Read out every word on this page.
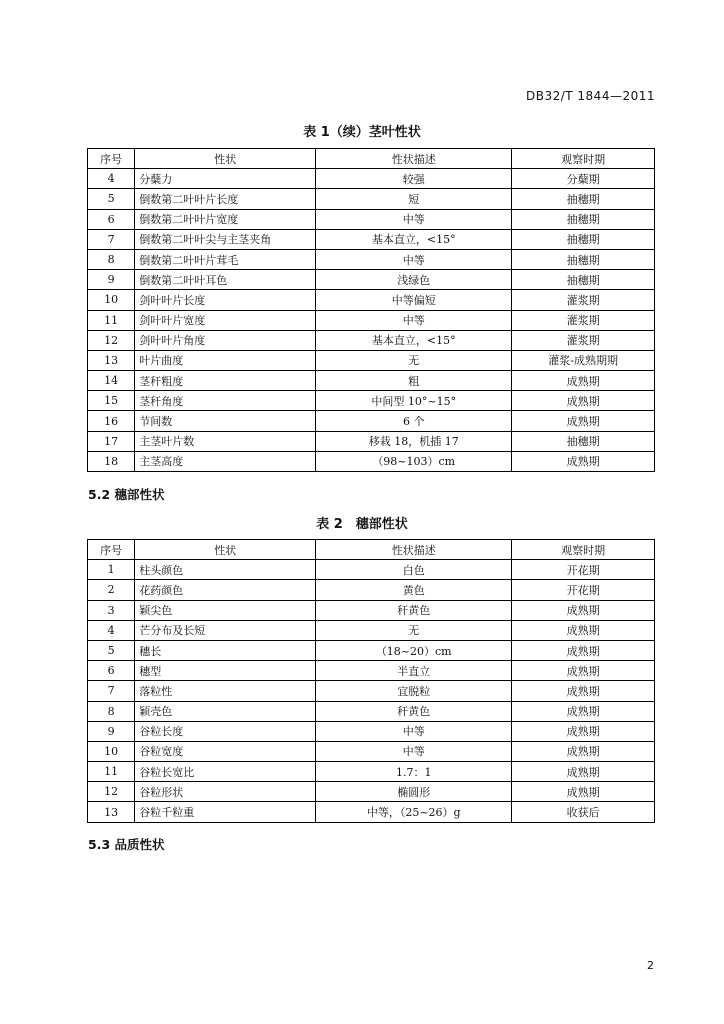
DB32/T 1844—2011
表 1（续）茎叶性状
序号	性状	性状描述	观察时期
4	分蘖力	较强	分蘖期
5	倒数第二叶叶片长度	短	抽穗期
6	倒数第二叶叶片宽度	中等	抽穗期
7	倒数第二叶叶尖与主茎夹角	基本直立，<15°	抽穗期
8	倒数第二叶叶片茸毛	中等	抽穗期
9	倒数第二叶叶耳色	浅绿色	抽穗期
10	剑叶叶片长度	中等偏短	灌浆期
11	剑叶叶片宽度	中等	灌浆期
12	剑叶叶片角度	基本直立，<15°	灌浆期
13	叶片曲度	无	灌浆-成熟期期
14	茎秆粗度	粗	成熟期
15	茎秆角度	中间型 10°~15°	成熟期
16	节间数	6 个	成熟期
17	主茎叶片数	移栽 18，机插 17	抽穗期
18	主茎高度	（98~103）cm	成熟期
5.2 穗部性状
表 2　穗部性状
序号	性状	性状描述	观察时期
1	柱头颜色	白色	开花期
2	花药颜色	黄色	开花期
3	颖尖色	秆黄色	成熟期
4	芒分布及长短	无	成熟期
5	穗长	（18~20）cm	成熟期
6	穗型	半直立	成熟期
7	落粒性	宜脱粒	成熟期
8	颖壳色	秆黄色	成熟期
9	谷粒长度	中等	成熟期
10	谷粒宽度	中等	成熟期
11	谷粒长宽比	1.7：1	成熟期
12	谷粒形状	椭圆形	成熟期
13	谷粒千粒重	中等，（25~26）g	收获后
5.3 品质性状
2
